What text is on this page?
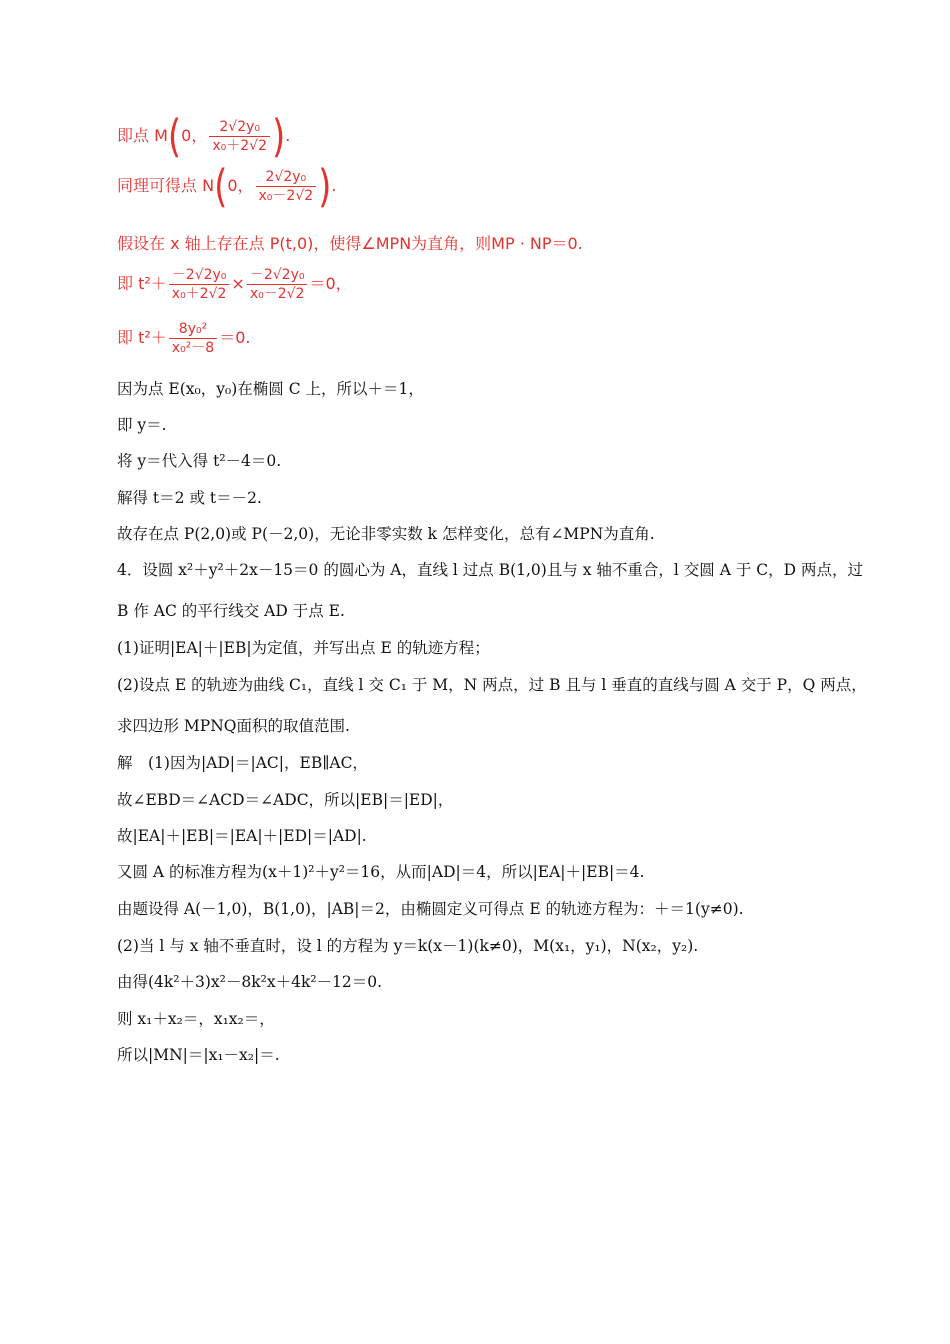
即点 M(0， $\frac{\text{2√2y₀}}{\text{x₀＋2√2}}$ ).
同理可得点 N(0， $\frac{\text{2√2y₀}}{\text{x₀－2√2}}$ ).
假设在 x 轴上存在点 P(t,0)，使得∠MPN为直角，则MP · NP＝0.
即 $t^2+ \frac{\text{－2√2y₀}}{\text{x₀＋2√2}} \times \frac{\text{－2√2y₀}}{\text{x₀－2√2}} =0$，
即 $t^2+ \frac{\text{8y₀²}}{\text{x₀²－8}} =0$.
因为点 E(x₀，y₀)在椭圆 C 上，所以＋＝1，
即 y＝.
将 y＝代入得 t²－4＝0.
解得 t＝2 或 t＝－2.
故存在点 P(2,0)或 P(－2,0)，无论非零实数 k 怎样变化，总有∠MPN为直角.
4．设圆 x²＋y²＋2x－15＝0 的圆心为 A，直线 l 过点 B(1,0)且与 x 轴不重合，l 交圆 A 于 C，D 两点，过
B 作 AC 的平行线交 AD 于点 E.
(1)证明|EA|＋|EB|为定值，并写出点 E 的轨迹方程；
(2)设点 E 的轨迹为曲线 C₁，直线 l 交 C₁ 于 M，N 两点，过 B 且与 l 垂直的直线与圆 A 交于 P，Q 两点，
求四边形 MPNQ面积的取值范围.
解　(1)因为|AD|＝|AC|，EB∥AC，
故∠EBD＝∠ACD＝∠ADC，所以|EB|＝|ED|，
故|EA|＋|EB|＝|EA|＋|ED|＝|AD|.
又圆 A 的标准方程为(x＋1)²＋y²＝16，从而|AD|＝4，所以|EA|＋|EB|＝4.
由题设得 A(－1,0)，B(1,0)，|AB|＝2，由椭圆定义可得点 E 的轨迹方程为：＋＝1(y≠0).
(2)当 l 与 x 轴不垂直时，设 l 的方程为 y＝k(x－1)(k≠0)，M(x₁，y₁)，N(x₂，y₂).
由得(4k²＋3)x²－8k²x＋4k²－12＝0.
则 x₁＋x₂＝，x₁x₂＝，
所以|MN|＝|x₁－x₂|＝.
